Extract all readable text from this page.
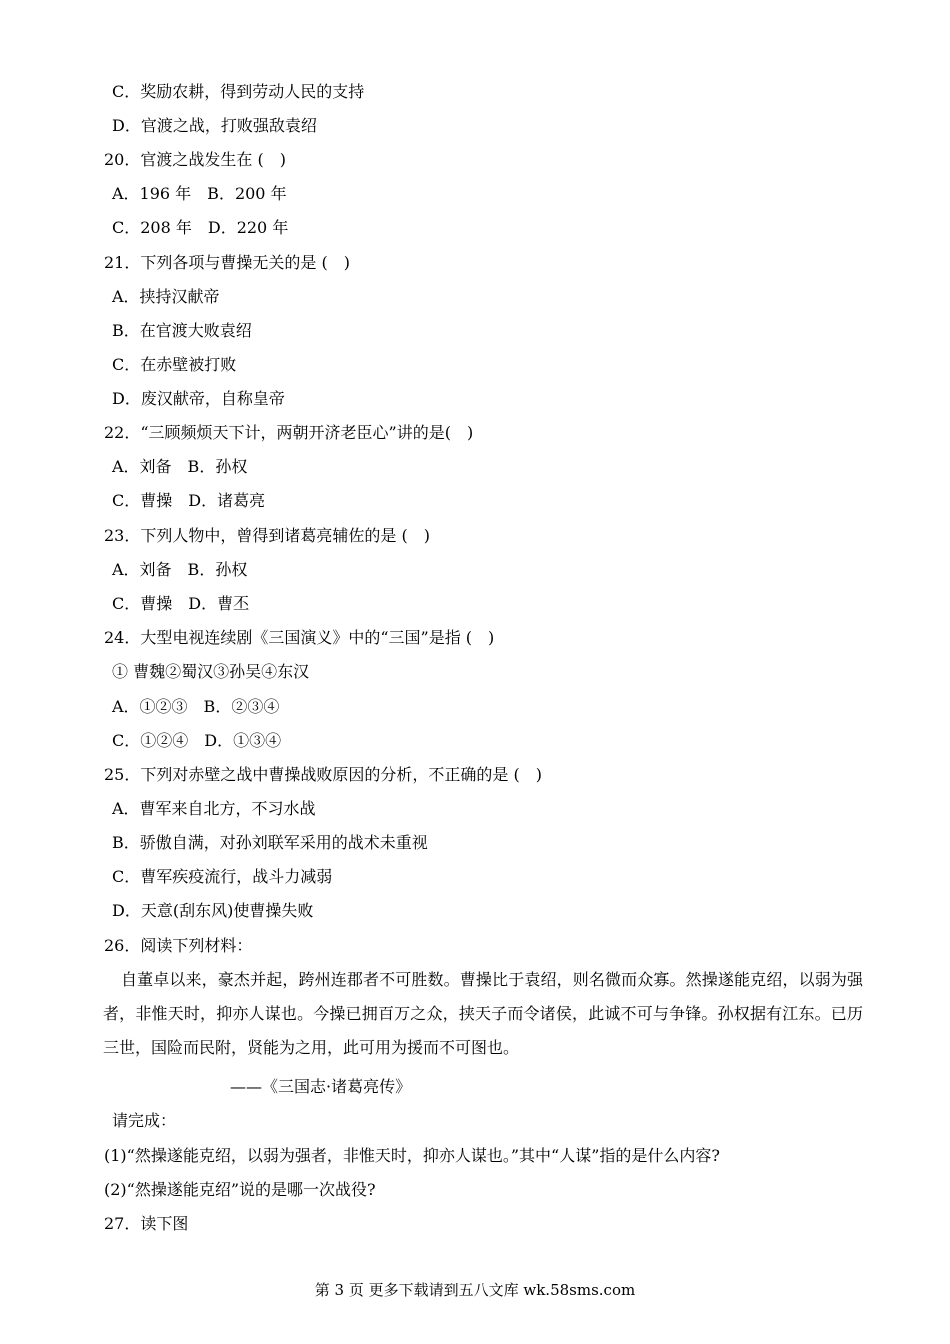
C．奖励农耕，得到劳动人民的支持
D．官渡之战，打败强敌袁绍
20．官渡之战发生在 (　)
A．196 年　B．200 年
C．208 年　D．220 年
21．下列各项与曹操无关的是 (　)
A．挟持汉献帝
B．在官渡大败袁绍
C．在赤壁被打败
D．废汉献帝，自称皇帝
22．“三顾频烦天下计，两朝开济老臣心”讲的是(　)
A．刘备　B．孙权
C．曹操　D．诸葛亮
23．下列人物中，曾得到诸葛亮辅佐的是 (　)
A．刘备　B．孙权
C．曹操　D．曹丕
24．大型电视连续剧《三国演义》中的“三国”是指 (　)
① 曹魏②蜀汉③孙吴④东汉
A．①②③　B．②③④
C．①②④　D．①③④
25．下列对赤壁之战中曹操战败原因的分析，不正确的是 (　)
A．曹军来自北方，不习水战
B．骄傲自满，对孙刘联军采用的战术未重视
C．曹军疾疫流行，战斗力减弱
D．天意(刮东风)使曹操失败
26．阅读下列材料：
自董卓以来，豪杰并起，跨州连郡者不可胜数。曹操比于袁绍，则名微而众寡。然操遂能克绍，以弱为强者，非惟天时，抑亦人谋也。今操已拥百万之众，挟天子而令诸侯，此诚不可与争锋。孙权据有江东。已历三世，国险而民附，贤能为之用，此可用为援而不可图也。
——《三国志·诸葛亮传》
请完成：
(1)“然操遂能克绍，以弱为强者，非惟天时，抑亦人谋也。”其中“人谋”指的是什么内容?
(2)“然操遂能克绍”说的是哪一次战役?
27．读下图
第 3 页 更多下载请到五八文库 wk.58sms.com
